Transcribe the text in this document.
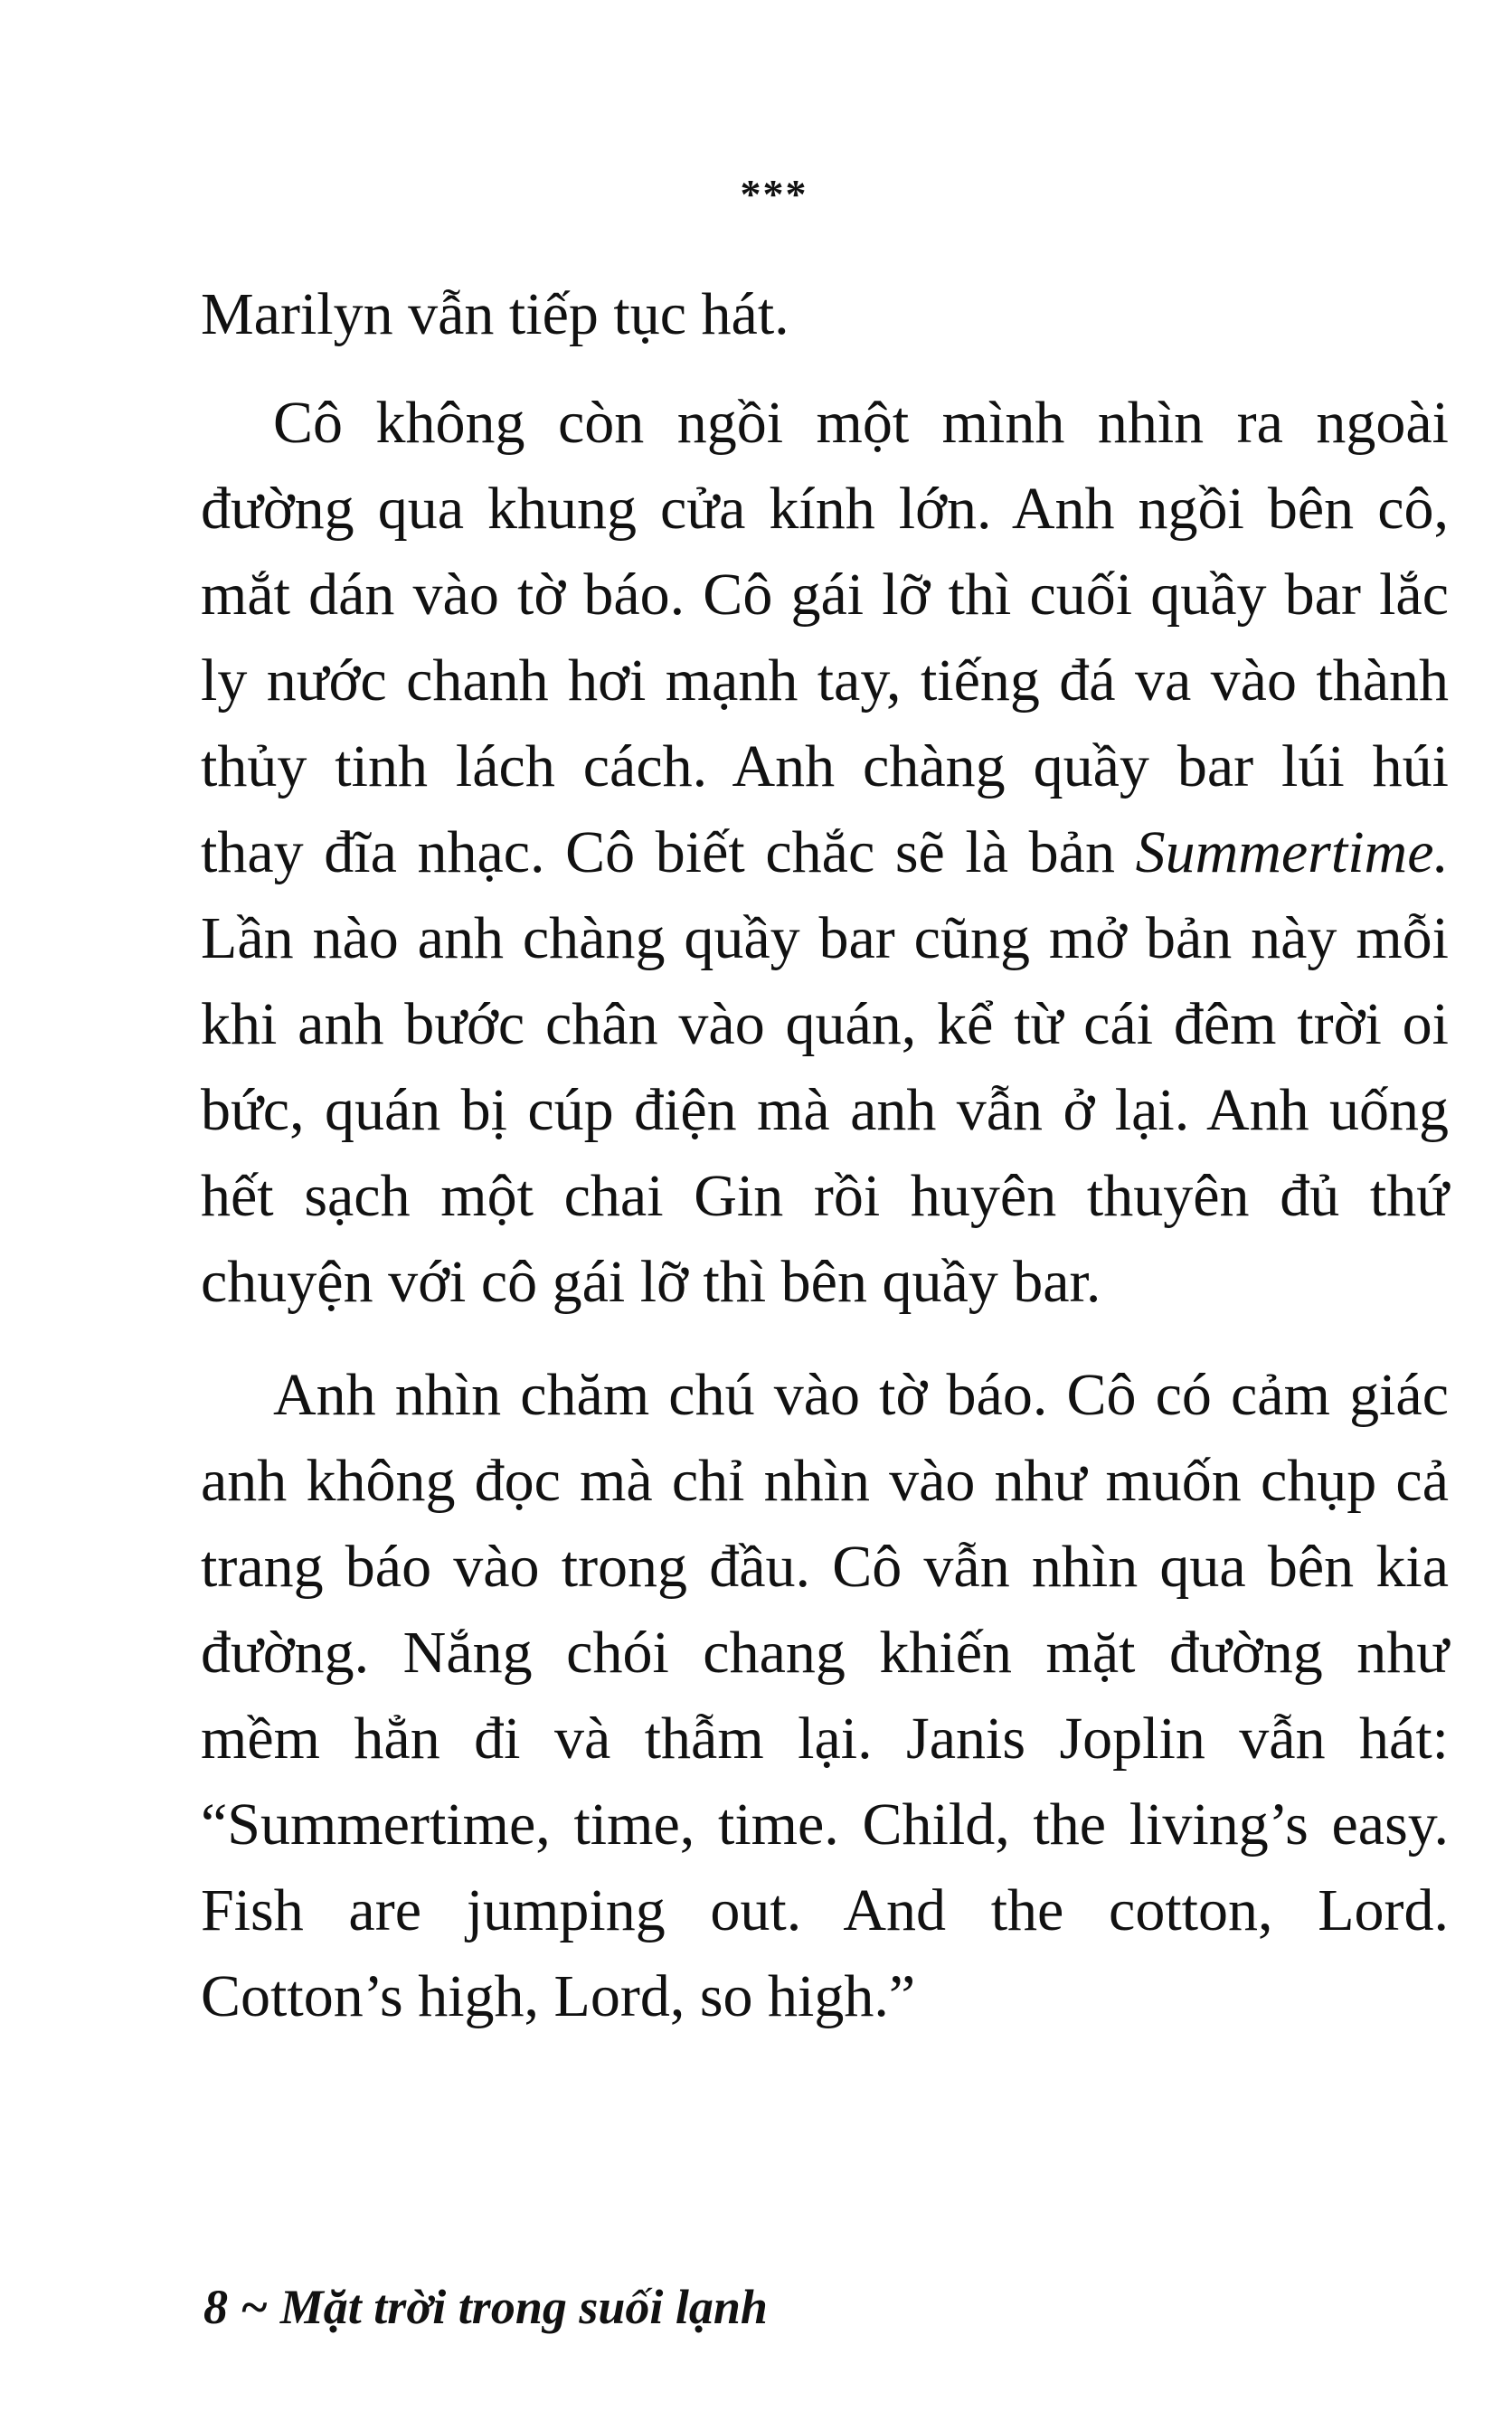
***

Marilyn vẫn tiếp tục hát.

Cô không còn ngồi một mình nhìn ra ngoài đường qua khung cửa kính lớn. Anh ngồi bên cô, mắt dán vào tờ báo. Cô gái lỡ thì cuối quầy bar lắc ly nước chanh hơi mạnh tay, tiếng đá va vào thành thủy tinh lách cách. Anh chàng quầy bar lúi húi thay đĩa nhạc. Cô biết chắc sẽ là bản Summertime. Lần nào anh chàng quầy bar cũng mở bản này mỗi khi anh bước chân vào quán, kể từ cái đêm trời oi bức, quán bị cúp điện mà anh vẫn ở lại. Anh uống hết sạch một chai Gin rồi huyên thuyên đủ thứ chuyện với cô gái lỡ thì bên quầy bar.

Anh nhìn chăm chú vào tờ báo. Cô có cảm giác anh không đọc mà chỉ nhìn vào như muốn chụp cả trang báo vào trong đầu. Cô vẫn nhìn qua bên kia đường. Nắng chói chang khiến mặt đường như mềm hẳn đi và thẫm lại. Janis Joplin vẫn hát: “Summertime, time, time. Child, the living’s easy. Fish are jumping out. And the cotton, Lord. Cotton’s high, Lord, so high.”

8 ~ Mặt trời trong suối lạnh
